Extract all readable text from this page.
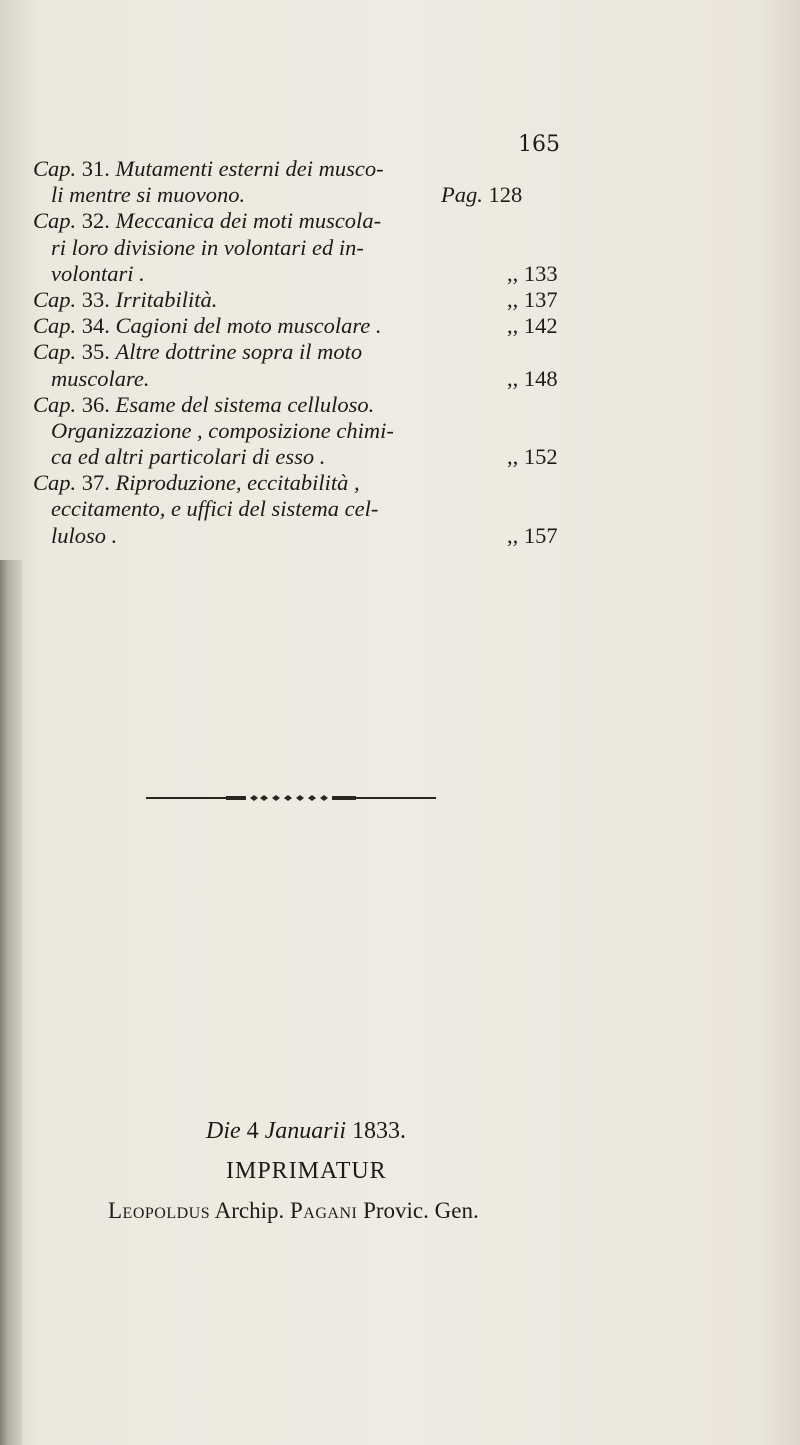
165
Cap. 31. Mutamenti esterni dei musco-
li mentre si muovono.	Pag. 128
Cap. 32. Meccanica dei moti muscola-
ri loro divisione in volontari ed in-
volontari .	,, 133
Cap. 33. Irritabilità.	,, 137
Cap. 34. Cagioni del moto muscolare .	,, 142
Cap. 35. Altre dottrine sopra il moto
muscolare.	,, 148
Cap. 36. Esame del sistema celluloso.
Organizzazione , composizione chimi-
ca ed altri particolari di esso .	,, 152
Cap. 37. Riproduzione, eccitabilità ,
eccitamento, e uffici del sistema cel-
luloso .	,, 157
Die 4 Januarii 1833.
IMPRIMATUR
Leopoldus Archip. Pagani Provic. Gen.
